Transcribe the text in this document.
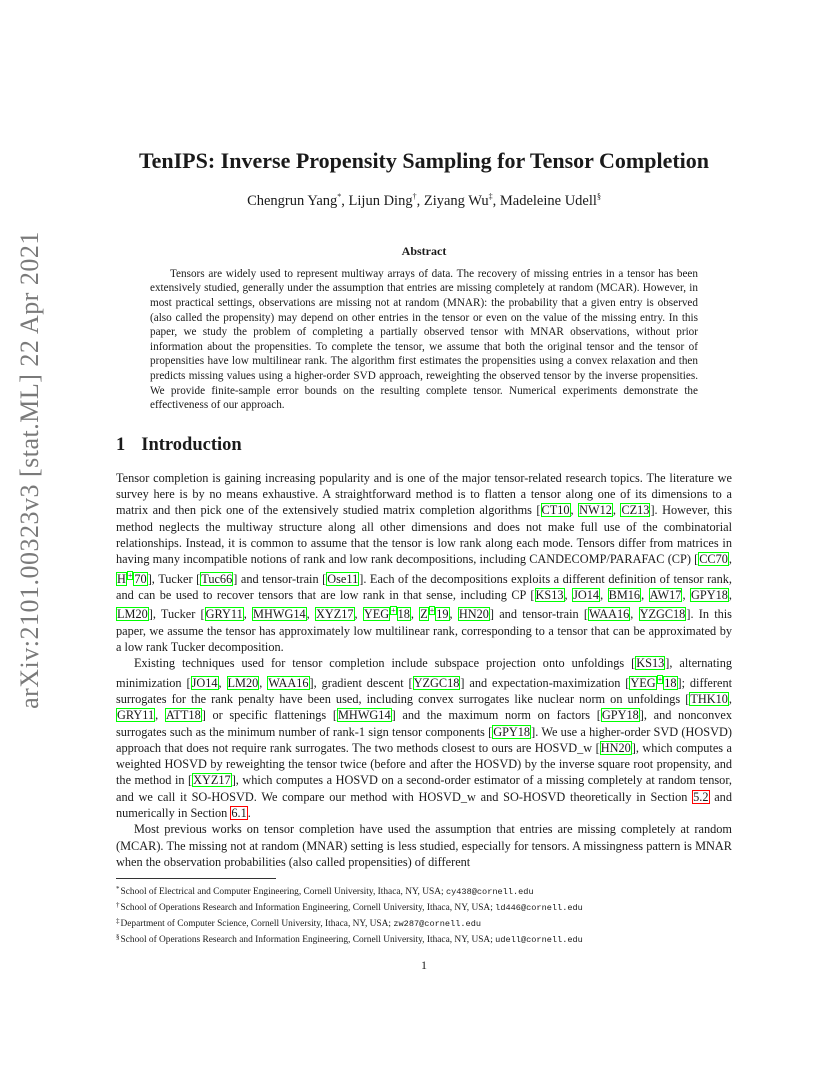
arXiv:2101.00323v3 [stat.ML] 22 Apr 2021
TenIPS: Inverse Propensity Sampling for Tensor Completion
Chengrun Yang*, Lijun Ding†, Ziyang Wu‡, Madeleine Udell§
Abstract

Tensors are widely used to represent multiway arrays of data. The recovery of missing entries in a tensor has been extensively studied, generally under the assumption that entries are missing completely at random (MCAR). However, in most practical settings, observations are missing not at random (MNAR): the probability that a given entry is observed (also called the propensity) may depend on other entries in the tensor or even on the value of the missing entry. In this paper, we study the problem of completing a partially observed tensor with MNAR observations, without prior information about the propensities. To complete the tensor, we assume that both the original tensor and the tensor of propensities have low multilinear rank. The algorithm first estimates the propensities using a convex relaxation and then predicts missing values using a higher-order SVD approach, reweighting the observed tensor by the inverse propensities. We provide finite-sample error bounds on the resulting complete tensor. Numerical experiments demonstrate the effectiveness of our approach.

1 Introduction

Tensor completion is gaining increasing popularity and is one of the major tensor-related research topics. The literature we survey here is by no means exhaustive. A straightforward method is to flatten a tensor along one of its dimensions to a matrix and then pick one of the extensively studied matrix completion algorithms [CT10, NW12, CZ13]. However, this method neglects the multiway structure along all other dimensions and does not make full use of the combinatorial relationships. Instead, it is common to assume that the tensor is low rank along each mode. Tensors differ from matrices in having many incompatible notions of rank and low rank decompositions, including CANDECOMP/PARAFAC (CP) [CC70, H + 70], Tucker [Tuc66] and tensor-train [Ose11]. Each of the decompositions exploits a different definition of tensor rank, and can be used to recover tensors that are low rank in that sense, including CP [KS13, JO14, BM16, AW17, GPY18, LM20], Tucker [GRY11, MHWG14, XYZ17, YEG + 18, Z + 19, HN20] and tensor-train [WAA16, YZGC18]. In this paper, we assume the tensor has approximately low multilinear rank, corresponding to a tensor that can be approximated by a low rank Tucker decomposition.

Existing techniques used for tensor completion include subspace projection onto unfoldings [KS13], alternating minimization [JO14, LM20, WAA16], gradient descent [YZGC18] and expectation-maximization [YEG + 18]; different surrogates for the rank penalty have been used, including convex surrogates like nuclear norm on unfoldings [THK10, GRY11, ATT18] or specific flattenings [MHWG14] and the maximum norm on factors [GPY18], and nonconvex surrogates such as the minimum number of rank-1 sign tensor components [GPY18]. We use a higher-order SVD (HOSVD) approach that does not require rank surrogates. The two methods closest to ours are HOSVD_w [HN20], which computes a weighted HOSVD by reweighting the tensor twice (before and after the HOSVD) by the inverse square root propensity, and the method in [XYZ17], which computes a HOSVD on a second-order estimator of a missing completely at random tensor, and we call it SO-HOSVD. We compare our method with HOSVD_w and SO-HOSVD theoretically in Section 5.2 and numerically in Section 6.1.

Most previous works on tensor completion have used the assumption that entries are missing completely at random (MCAR). The missing not at random (MNAR) setting is less studied, especially for tensors. A missingness pattern is MNAR when the observation probabilities (also called propensities) of different

*School of Electrical and Computer Engineering, Cornell University, Ithaca, NY, USA; cy438@cornell.edu
†School of Operations Research and Information Engineering, Cornell University, Ithaca, NY, USA; ld446@cornell.edu
‡Department of Computer Science, Cornell University, Ithaca, NY, USA; zw287@cornell.edu
§School of Operations Research and Information Engineering, Cornell University, Ithaca, NY, USA; udell@cornell.edu
1
